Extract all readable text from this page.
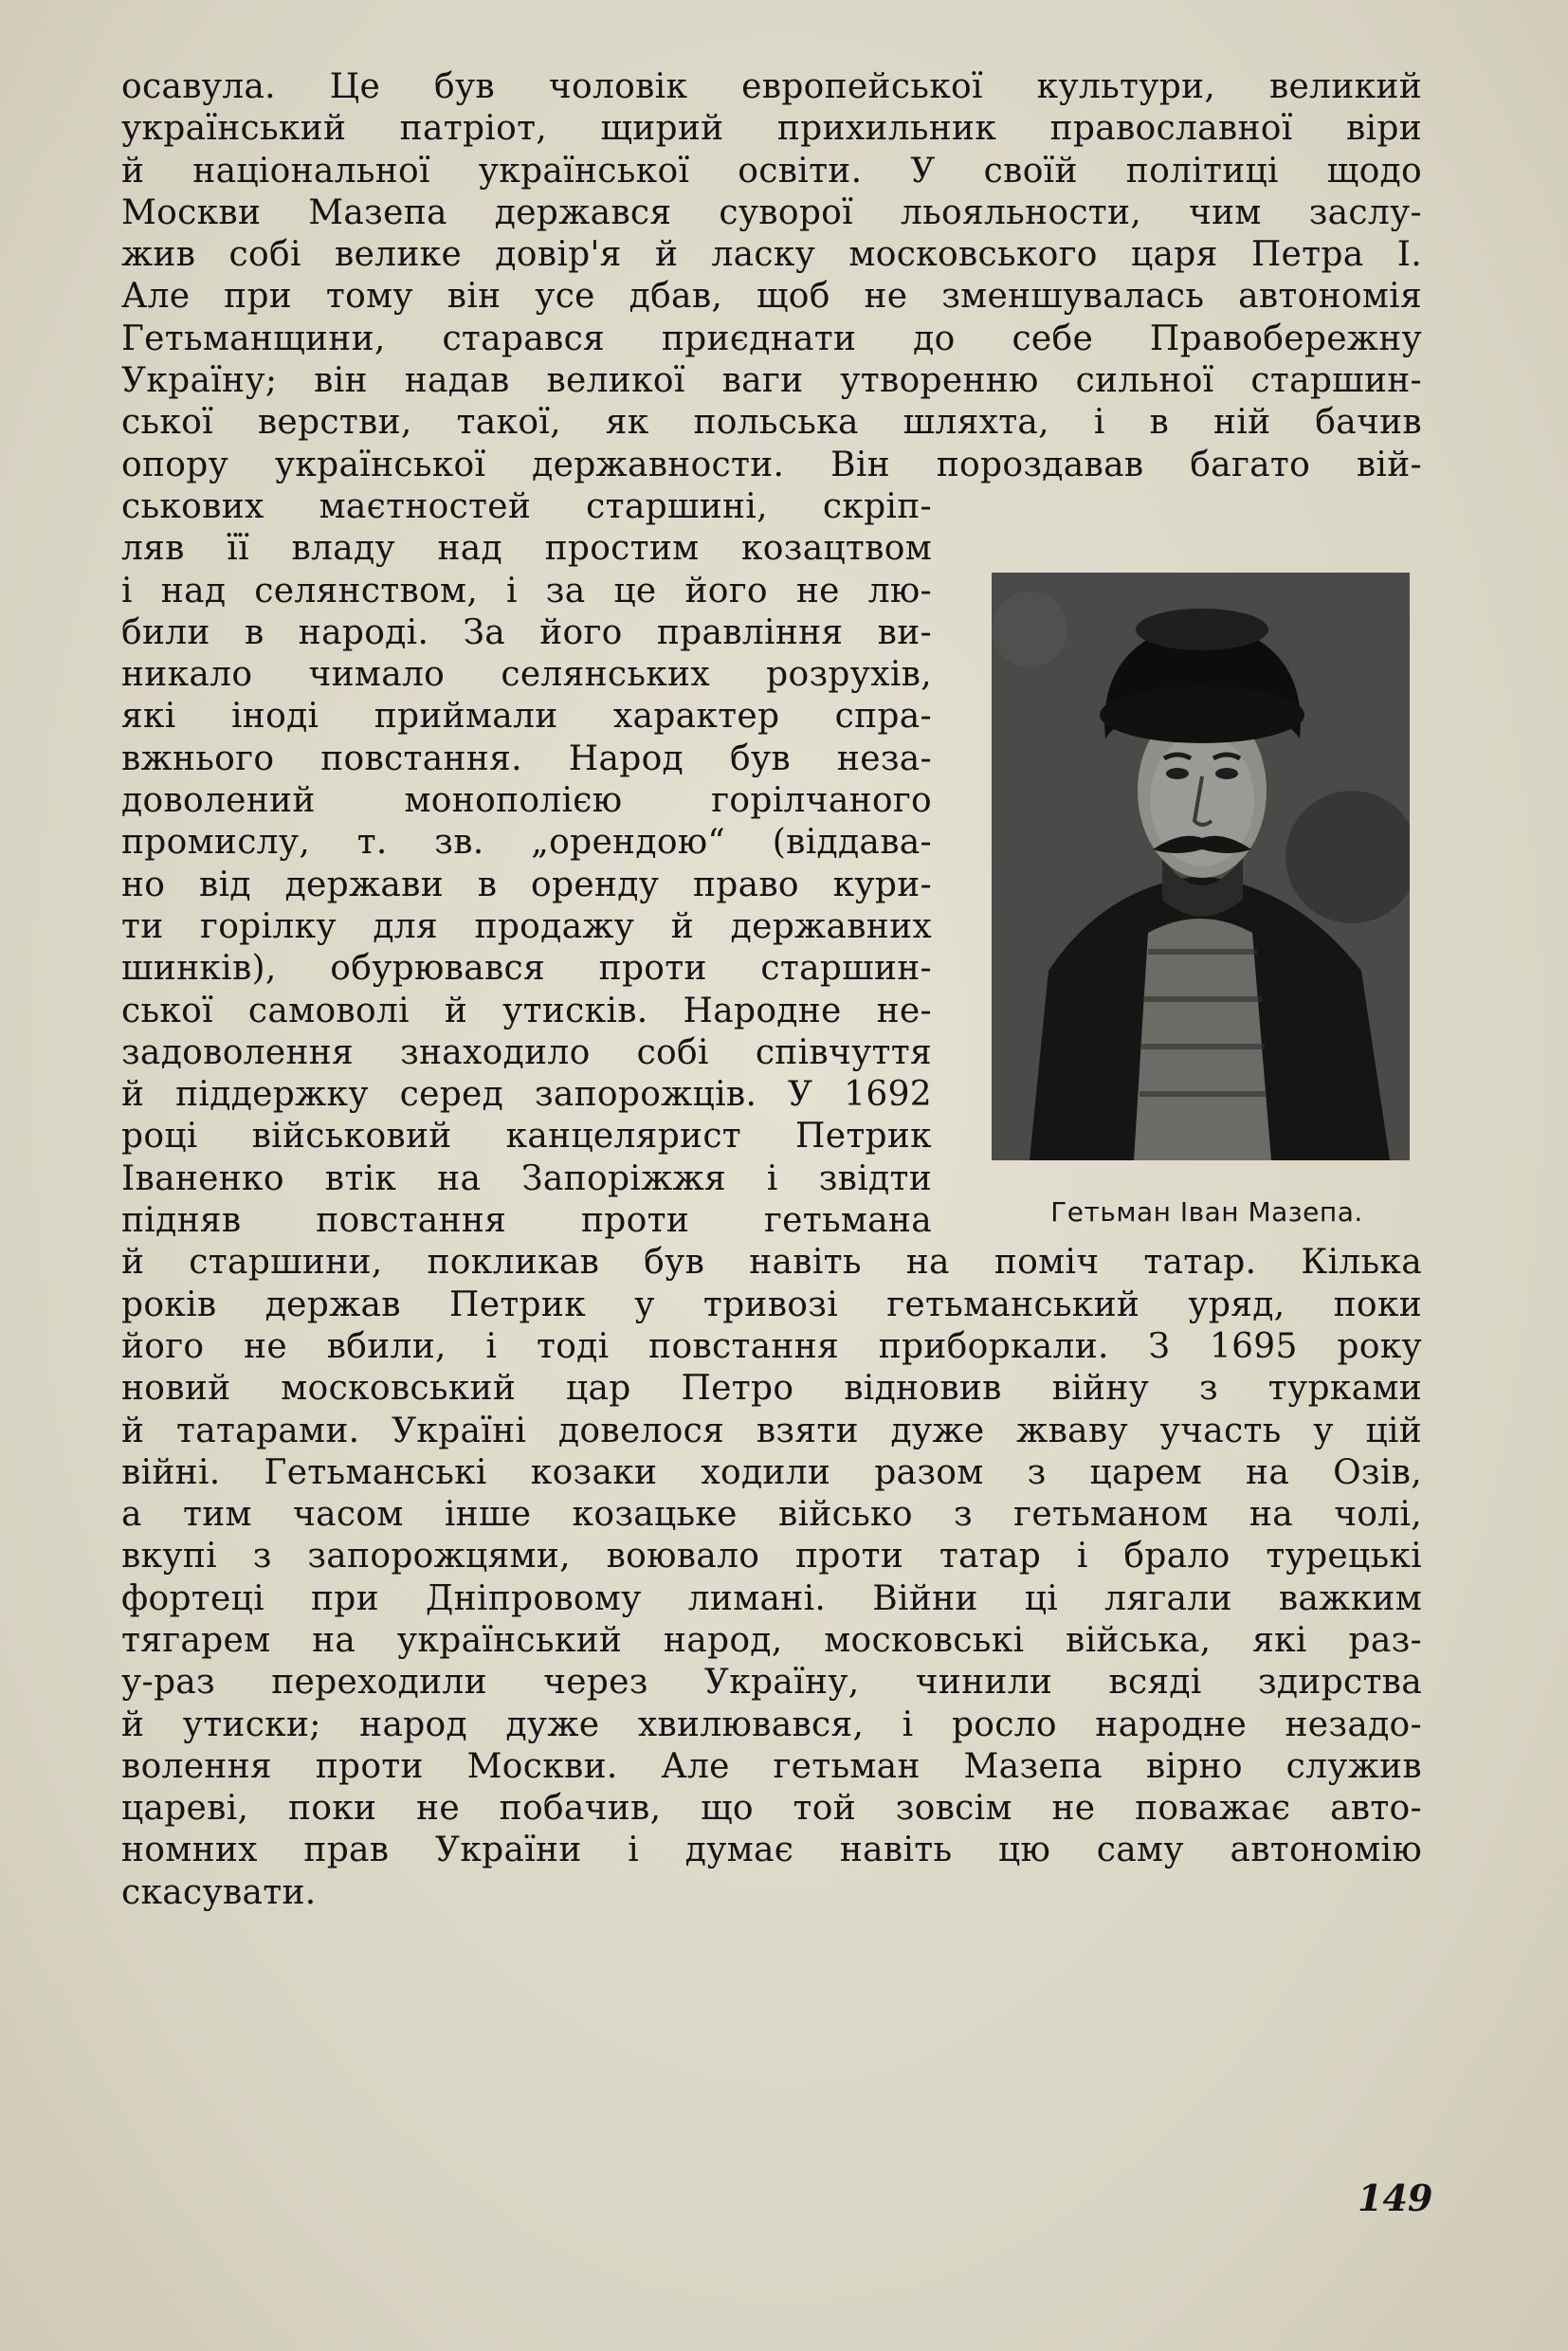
осавула. Це був чоловік европейської культури, великий
український патріот, щирий прихильник православної віри
й національної української освіти. У своїй політиці щодо
Москви Мазепа держався суворої льояльности, чим заслу-
жив собі велике довір'я й ласку московського царя Петра І.
Але при тому він усе дбав, щоб не зменшувалась автономія
Гетьманщини, старався приєднати до себе Правобережну
Україну; він надав великої ваги утворенню сильної старшин-
ської верстви, такої, як польська шляхта, і в ній бачив
опору української державности. Він пороздавав багато вій-
ськових маєтностей старшині, скріп-
ляв її владу над простим козацтвом
і над селянством, і за це його не лю-
били в народі. За його правління ви-
никало чимало селянських розрухів,
які іноді приймали характер спра-
вжнього повстання. Народ був неза-
доволений монополією горілчаного
промислу, т. зв. „орендою“ (віддава-
но від держави в оренду право кури-
ти горілку для продажу й державних
шинків), обурювався проти старшин-
ської самоволі й утисків. Народне не-
задоволення знаходило собі співчуття
й піддержку серед запорожців. У 1692
році військовий канцелярист Петрик
Іваненко втік на Запоріжжя і звідти
підняв повстання проти гетьмана
й старшини, покликав був навіть на поміч татар. Кілька
років держав Петрик у тривозі гетьманський уряд, поки
його не вбили, і тоді повстання приборкали. З 1695 року
новий московський цар Петро відновив війну з турками
й татарами. Україні довелося взяти дуже жваву участь у цій
війні. Гетьманські козаки ходили разом з царем на Озів,
а тим часом інше козацьке військо з гетьманом на чолі,
вкупі з запорожцями, воювало проти татар і брало турецькі
фортеці при Дніпровому лимані. Війни ці лягали важким
тягарем на український народ, московські війська, які раз-
у-раз переходили через Україну, чинили всяді здирства
й утиски; народ дуже хвилювався, і росло народне незадо-
волення проти Москви. Але гетьман Мазепа вірно служив
цареві, поки не побачив, що той зовсім не поважає авто-
номних прав України і думає навіть цю саму автономію
скасувати.
Гетьман Іван Мазепа.
149
